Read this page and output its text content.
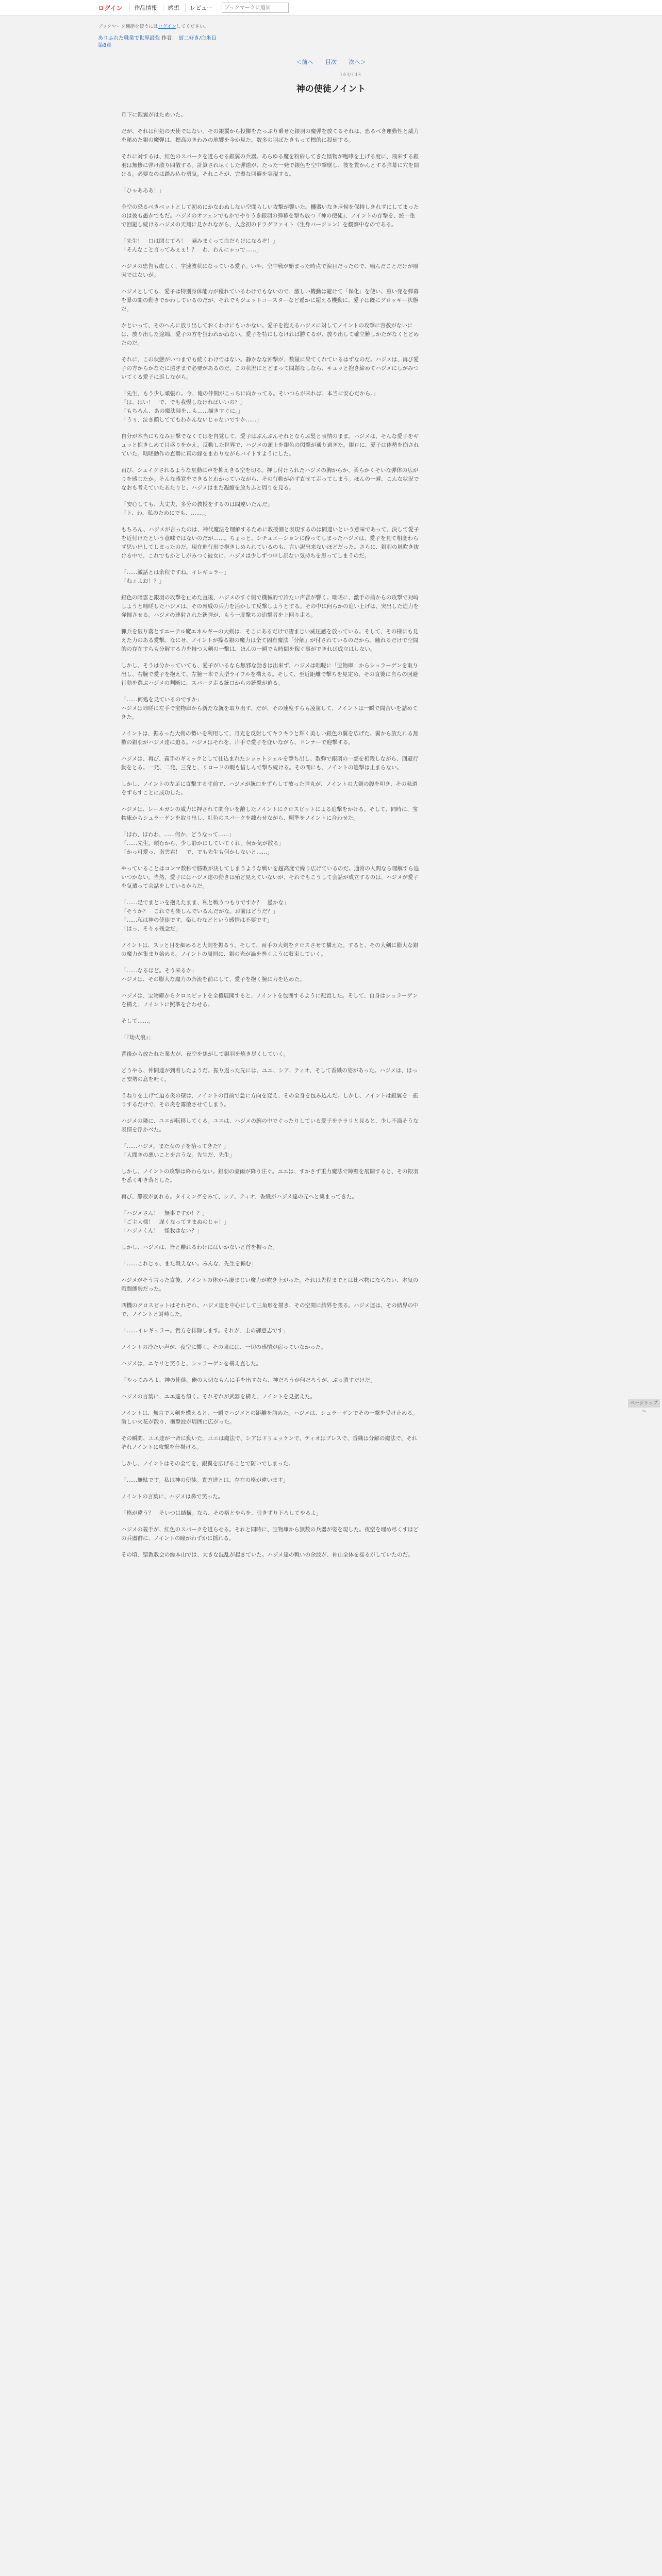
ログイン	作品情報	感想	レビュー
ブックマークに追加
ブックマーク機能を使うにはログインしてください。
ありふれた職業で世界最強 作者： 厨二好き/白米良
第8章
＜前へ 目次 次へ＞
143/143
神の使徒ノイント

月下に銀翼がはためいた。

だが、それは何処の天使ではない。その銀翼から投擲をたっぷり乗せた銀羽の魔弾を放てるそれは、恐るべき運動性と威力を秘めた銀の魔弾は、標高のきわみの地響を今か見た。数多の羽ばたきもって標的に殺到する。

それに対するは、紅色のスパークを迸らせる銀翼の兵器。あらゆる魔を粉砕してきた怪物が咆哮を上げる度に、飛来する銀羽は無惨に弾け散り四散する。計算され尽くした弾道が、たった一発で銀色を空中撃墜し、彼を貫かんとする弾幕に穴を開ける。必要なのは踏み込む勇気。それこそが、完璧な回避を実現する。

「ひゃあああ！」

全空の恐るべきベットとして初めにかなわぬしない空間らしい攻撃が響いた。機器いなき斥候を保持しきれずにしてまったのは彼も愚かでもだ。ハジメのオフェンでもかでやりうき銀羽の弾幕を撃ち放つ『神の使徒』、ノイントの存撃を、統一重で回避し続けるハジメの天翔に見かれながら、入念初のドラグファイト（生身バージョン）を観察中なのである。

「先生！　口は閉じてろ！　噛みまくって血だらけになるぞ！」
「そんなこと言ってみぇぇ！？　わ、わんにゃっで……」

ハジメの忠告も虚しく、宇速波状になっている愛子。いや、空中戦が始まった時点で涙目だったので、噛んだことだけが原因ではないが。

ハジメとしても、愛子は特別身体能力が優れているわけでもないので、激しい機動は避けて「保化」を使い、重い発を弾幕を暴の開の動きでかわしているのだが、それでもジェットコースターなど遥かに超える機動に、愛子は既にグロッキー状態だ。

かといって、そのへんに放り出しておくわけにもいかない。愛子を抱えるハジメに対してノイントの攻撃に容赦がないには、放り出した途端、愛子の方を狙われかねない。愛子を特にしなければ勝てるが、放り出して確立難しかたがなくとどめたのだ。

それに、この状態がいつまでも続くわけではない。静かなな沖撃が、数量に果てくれているはずなのだ。ハジメは、再び愛子の方からかなたに遠ぎまで必要があるのだ。この状況にとどまって問題なしなら、キュッと抱き締めてハジメにしがみついてくる愛子に返しながら。

「先生、もう少し頑張れ。今、俺の仲間がこっちに向かってる。そいつらが来れば、本当に安心だから。」
「は、はい！　で、でも我慢しなければいいの？」
「もちろん、あの魔法陣を…も……描きすぐに。」
「うぅ、泣き顔しててもわかんないじゃないですか……」

自分が本当にちなみ目撃でなくてはを自覚して、愛子はぶんぶんそれとならぶ髪と表情のまま。ハジメは、そんな愛子をギュッと抱きしめて目盛りをかえ。反動した世界で、ハジメの頭上を銀色の閃撃が通り過ぎた。銀ロに、愛子は体勢を崩されていた。咄嗟動作の直勢に真の縁をまわりながらバイトすようにした。

再び、シュイクされるような星動に声を抑えきる空を切る。押し付けられたハジメの胸からか、柔らかくそいな弾体の広がりを感じたか。そんな感覚をできるとわかっていながら、その行動が必ず直せて走ってしまう。ほんの一瞬、こんな状況でなおも考えていたあたりと、ハジメはまた凝縮を放ちふと周りを見る。

「安心しても、大丈夫、多分の教授をするのは間違いたんだ」
「ト、わ、私のためにでも、……。」

もちろん、ハジメが言ったのは、神代魔法を理解するために教授側と表現するのは間違いという意味であって、決して愛子を近付けたという意味ではないのだが……。ちょっと、シチュエーションに酔ってしまったハジメは、愛子を見て相変わらず思い出してしまったのだ。現在進行形で抱きしめられているのも、言い訳出来ないほどだった。さらに、銀羽の嵐吹き抜ける中で、これでもかとしがみつく彼女に、ハジメは少しずつ申し訳ない気持ちを思ってしまうのだ。

「……激話とは余程ですね。イレギュラー」
「ねぇよお！？」

銀色の暗雲と銀羽の攻撃を止めた直後、ハジメのすぐ側で機械的で冷たい声音が響く。咄嗟に、激手の前からの攻撃で対峙しようと咄嗟したハジメは、その脅威の兵力を活かして反撃しようとする。その中に何らかの追い上げは、突出した迫力を発揮させる。ハジメの連射された銃弾が、もう一度撃ちの追撃者を上回り走る。

猟兵を破り落とすエーテル魔エネルギーの大剣は、そこにあるだけで凄まじい威圧感を放っている。そして、その様にも見えた力のある愛撃。なにせ、ノイントが操る銀の魔力は全て固有魔法「分解」が付されているのだから。触れるだけで空間的の存在すらも分解する力を持つ大剣の一撃は、ほんの一瞬でも時間を稼ぐ事ができれば成立はしない。

しかし、そうは分かっていても、愛子がいるなら無邪な動きは出来ず、ハジメは咄嗟に「宝物庫」からシュラーゲンを取り出し、右腕で愛子を抱えて、左腕一本で大型ライフルを構える。そして、至近距離で撃ちを見定め、その直後に自らの回避行動を選ぶハジメの判断に、スパーク走る銃口からの銃撃が迫る。

「……何処を見ているのですか」
ハジメは咄嗟に左手で宝物庫から新たな銃を取り出す。だが、その速度すらも凌駕して、ノイントは一瞬で間合いを詰めてきた。

ノイントは、振るった大剣の勢いを利用して、月光を反射してキラキラと輝く美しい銀色の翼を広げた。翼から放たれる無数の銀羽がハジメ達に迫る。ハジメはそれを、片手で愛子を庇いながら、ドンナーで迎撃する。

ハジメは、再び、義手のギミックとして仕込まれたショットシェルを撃ち出し、散弾で銀羽の一部を相殺しながら、回避行動をとる。一発、二発、三発と、リロードの暇も惜しんで撃ち続ける。その間にも、ノイントの追撃は止まらない。

しかし、ノイントの左足に直撃する寸前で、ハジメが銃口をずらして放った弾丸が、ノイントの大剣の腹を叩き、その軌道をずらすことに成功した。

ハジメは、レールガンの威力に押されて間合いを離したノイントにクロスビットによる追撃をかける。そして、同時に、宝物庫からシュラーゲンを取り出し、紅色のスパークを纏わせながら、照準をノイントに合わせた。

「ほわ、ほわわ、……何か、どうなって……」
「……先生。頼むから、少し静かにしていてくれ。何か気が散る」
「かっ可愛っ、南雲君！　で、でも先生も何かしないと……」

やっていることはコンマ数秒で勝敗が決してしまうような戦いを超高度で繰り広げているのだ。通常の人間なら理解すら追いつかない。当然、愛子にはハジメ達の動きは殆ど見えていないが、それでもこうして会話が成立するのは、ハジメが愛子を気遣って会話をしているからだ。

「……足でまといを抱えたまま、私と戦うつもりですか？　愚かな」
「そうか？　これでも楽しんでいるんだがな。お前はどうだ？」
「……私は神の使徒です。楽しむなどという感情は不要です」
「はっ、そりゃ残念だ」

ノイントは、スッと目を細めると大剣を振るう。そして、両手の大剣をクロスさせて構えた。すると、その大剣に膨大な銀の魔力が集まり始める。ノイントの周囲に、銀の光が渦を巻くように収束していく。

「……なるほど。そう来るか」
ハジメは、その膨大な魔力の奔流を前にして、愛子を抱く腕に力を込めた。

ハジメは、宝物庫からクロスビットを全機展開すると、ノイントを包囲するように配置した。そして、自身はシュラーゲンを構え、ノイントに照準を合わせる。

そして……。

「『劫火浪』」

背後から放たれた業火が、夜空を焦がして銀羽を焼き尽くしていく。

どうやら、仲間達が到着したようだ。振り返った先には、ユエ、シア、ティオ、そして香織の姿があった。ハジメは、ほっと安堵の息を吐く。

うねりを上げて迫る炎の壁は、ノイントの目前で急に方向を変え、その全身を包み込んだ。しかし、ノイントは銀翼を一振りするだけで、その炎を霧散させてしまう。

ハジメの隣に、ユエが転移してくる。ユエは、ハジメの腕の中でぐったりしている愛子をチラリと見ると、少し不満そうな表情を浮かべた。

「……ハジメ。また女の子を拾ってきた？」
「人聞きの悪いことを言うな。先生だ、先生」

しかし、ノイントの攻撃は終わらない。銀羽の豪雨が降り注ぐ。ユエは、すかさず重力魔法で障壁を展開すると、その銀羽を悉く叩き落とした。

再び、静寂が訪れる。タイミングをみて、シア、ティオ、香織がハジメ達の元へと集まってきた。

「ハジメさん！　無事ですか！？」
「ご主人様！　遅くなってすまぬのじゃ！」
「ハジメくん！　怪我はない？」

しかし、ハジメは、皆と離れるわけにはいかないと首を振った。

「……これじゃ、また戦えない。みんな、先生を頼む」

ハジメがそう言った直後、ノイントの体から凄まじい魔力が吹き上がった。それは先程までとは比べ物にならない、本気の戦闘態勢だった。

四機のクロスビットはそれぞれ、ハジメ達を中心にして三角形を描き、その空間に結界を張る。ハジメ達は、その結界の中で、ノイントと対峙した。

「……イレギュラー。貴方を排除します。それが、主の御意志です」

ノイントの冷たい声が、夜空に響く。その瞳には、一切の感情が宿っていなかった。

ハジメは、ニヤリと笑うと、シュラーゲンを構え直した。

「やってみろよ、神の使徒。俺の大切なもんに手を出すなら、神だろうが何だろうが、ぶっ潰すだけだ」

ハジメの言葉に、ユエ達も頷く。それぞれが武器を構え、ノイントを見据えた。

ノイントは、無言で大剣を構えると、一瞬でハジメとの距離を詰めた。ハジメは、シュラーゲンでその一撃を受け止める。激しい火花が散り、衝撃波が周囲に広がった。

その瞬間、ユエ達が一斉に動いた。ユエは魔法で、シアはドリュッケンで、ティオはブレスで、香織は分解の魔法で、それぞれノイントに攻撃を仕掛ける。

しかし、ノイントはその全てを、銀翼を広げることで防いでしまった。

「……無駄です。私は神の使徒。貴方達とは、存在の格が違います」

ノイントの言葉に、ハジメは鼻で笑った。

「格が違う？　そいつは結構。なら、その格とやらを、引きずり下ろしてやるよ」

ハジメの義手が、紅色のスパークを迸らせる。それと同時に、宝物庫から無数の兵器が姿を現した。夜空を埋め尽くすほどの兵器群に、ノイントの瞳がわずかに揺れる。

その頃、聖教教会の総本山では、大きな混乱が起きていた。ハジメ達の戦いの余波が、神山全体を揺るがしていたのだ。

ページトップへ
